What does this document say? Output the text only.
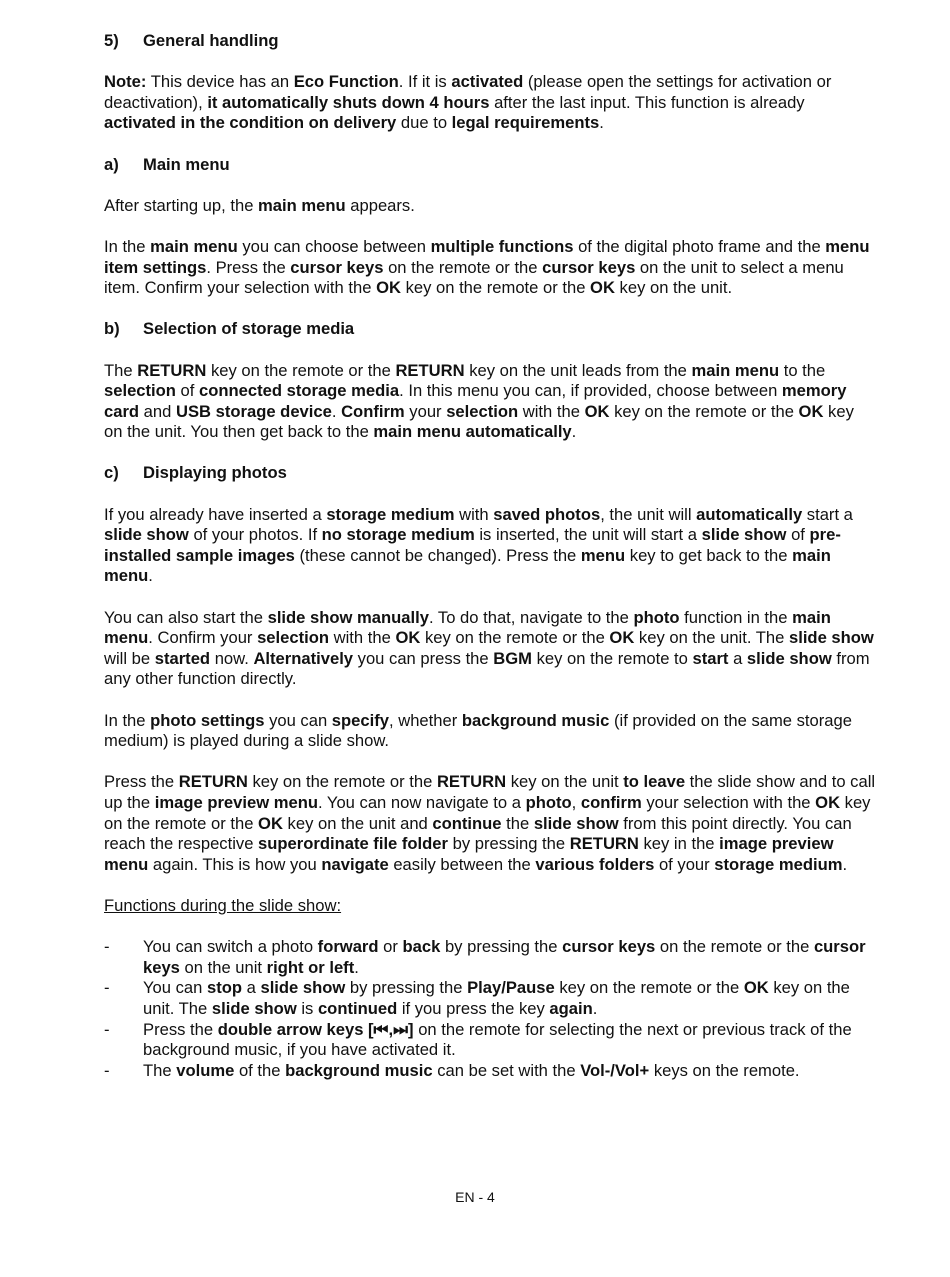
5) General handling

Note: This device has an Eco Function. If it is activated (please open the settings for activation or deactivation), it automatically shuts down 4 hours after the last input. This function is already activated in the condition on delivery due to legal requirements.

a) Main menu

After starting up, the main menu appears.

In the main menu you can choose between multiple functions of the digital photo frame and the menu item settings. Press the cursor keys on the remote or the cursor keys on the unit to select a menu item. Confirm your selection with the OK key on the remote or the OK key on the unit.

b) Selection of storage media

The RETURN key on the remote or the RETURN key on the unit leads from the main menu to the selection of connected storage media. In this menu you can, if provided, choose between memory card and USB storage device. Confirm your selection with the OK key on the remote or the OK key on the unit. You then get back to the main menu automatically.

c) Displaying photos

If you already have inserted a storage medium with saved photos, the unit will automatically start a slide show of your photos. If no storage medium is inserted, the unit will start a slide show of pre-installed sample images (these cannot be changed). Press the menu key to get back to the main menu.

You can also start the slide show manually. To do that, navigate to the photo function in the main menu. Confirm your selection with the OK key on the remote or the OK key on the unit. The slide show will be started now. Alternatively you can press the BGM key on the remote to start a slide show from any other function directly.

In the photo settings you can specify, whether background music (if provided on the same storage medium) is played during a slide show.

Press the RETURN key on the remote or the RETURN key on the unit to leave the slide show and to call up the image preview menu. You can now navigate to a photo, confirm your selection with the OK key on the remote or the OK key on the unit and continue the slide show from this point directly. You can reach the respective superordinate file folder by pressing the RETURN key in the image preview menu again. This is how you navigate easily between the various folders of your storage medium.

Functions during the slide show:

- You can switch a photo forward or back by pressing the cursor keys on the remote or the cursor keys on the unit right or left.
- You can stop a slide show by pressing the Play/Pause key on the remote or the OK key on the unit. The slide show is continued if you press the key again.
- Press the double arrow keys [⏮,⏭] on the remote for selecting the next or previous track of the background music, if you have activated it.
- The volume of the background music can be set with the Vol-/Vol+ keys on the remote.
EN - 4
